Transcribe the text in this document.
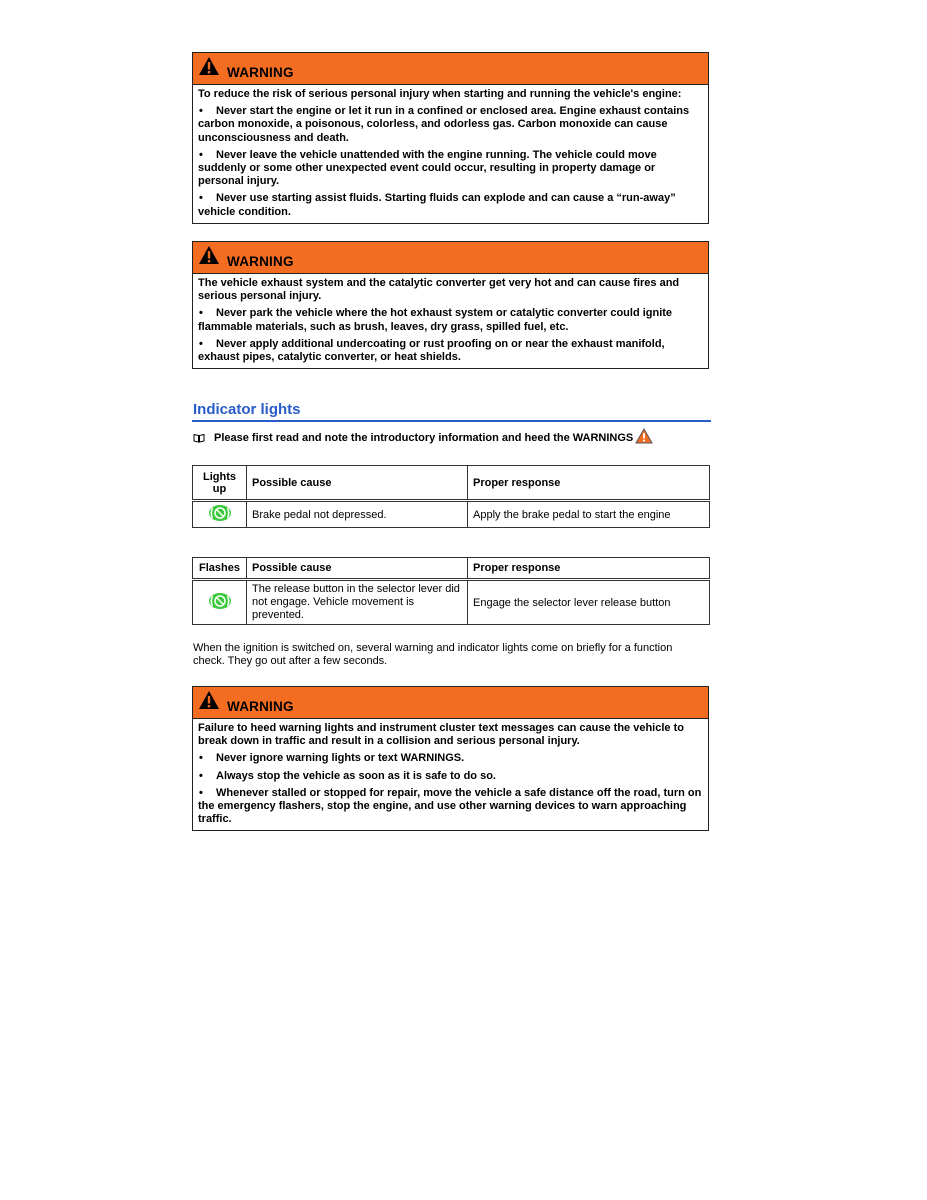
WARNING

To reduce the risk of serious personal injury when starting and running the vehicle's engine:

• Never start the engine or let it run in a confined or enclosed area. Engine exhaust contains carbon monoxide, a poisonous, colorless, and odorless gas. Carbon monoxide can cause unconsciousness and death.

• Never leave the vehicle unattended with the engine running. The vehicle could move suddenly or some other unexpected event could occur, resulting in property damage or personal injury.

• Never use starting assist fluids. Starting fluids can explode and can cause a “run-away” vehicle condition.

WARNING

The vehicle exhaust system and the catalytic converter get very hot and can cause fires and serious personal injury.

• Never park the vehicle where the hot exhaust system or catalytic converter could ignite flammable materials, such as brush, leaves, dry grass, spilled fuel, etc.

• Never apply additional undercoating or rust proofing on or near the exhaust manifold, exhaust pipes, catalytic converter, or heat shields.

Indicator lights
Please first read and note the introductory information and heed the WARNINGS
Lights up	Possible cause	Proper response
	Brake pedal not depressed.	Apply the brake pedal to start the engine
Flashes	Possible cause	Proper response
	The release button in the selector lever did not engage. Vehicle movement is prevented.	Engage the selector lever release button
When the ignition is switched on, several warning and indicator lights come on briefly for a function check. They go out after a few seconds.
WARNING

Failure to heed warning lights and instrument cluster text messages can cause the vehicle to break down in traffic and result in a collision and serious personal injury.

• Never ignore warning lights or text WARNINGS.

• Always stop the vehicle as soon as it is safe to do so.

• Whenever stalled or stopped for repair, move the vehicle a safe distance off the road, turn on the emergency flashers, stop the engine, and use other warning devices to warn approaching traffic.
